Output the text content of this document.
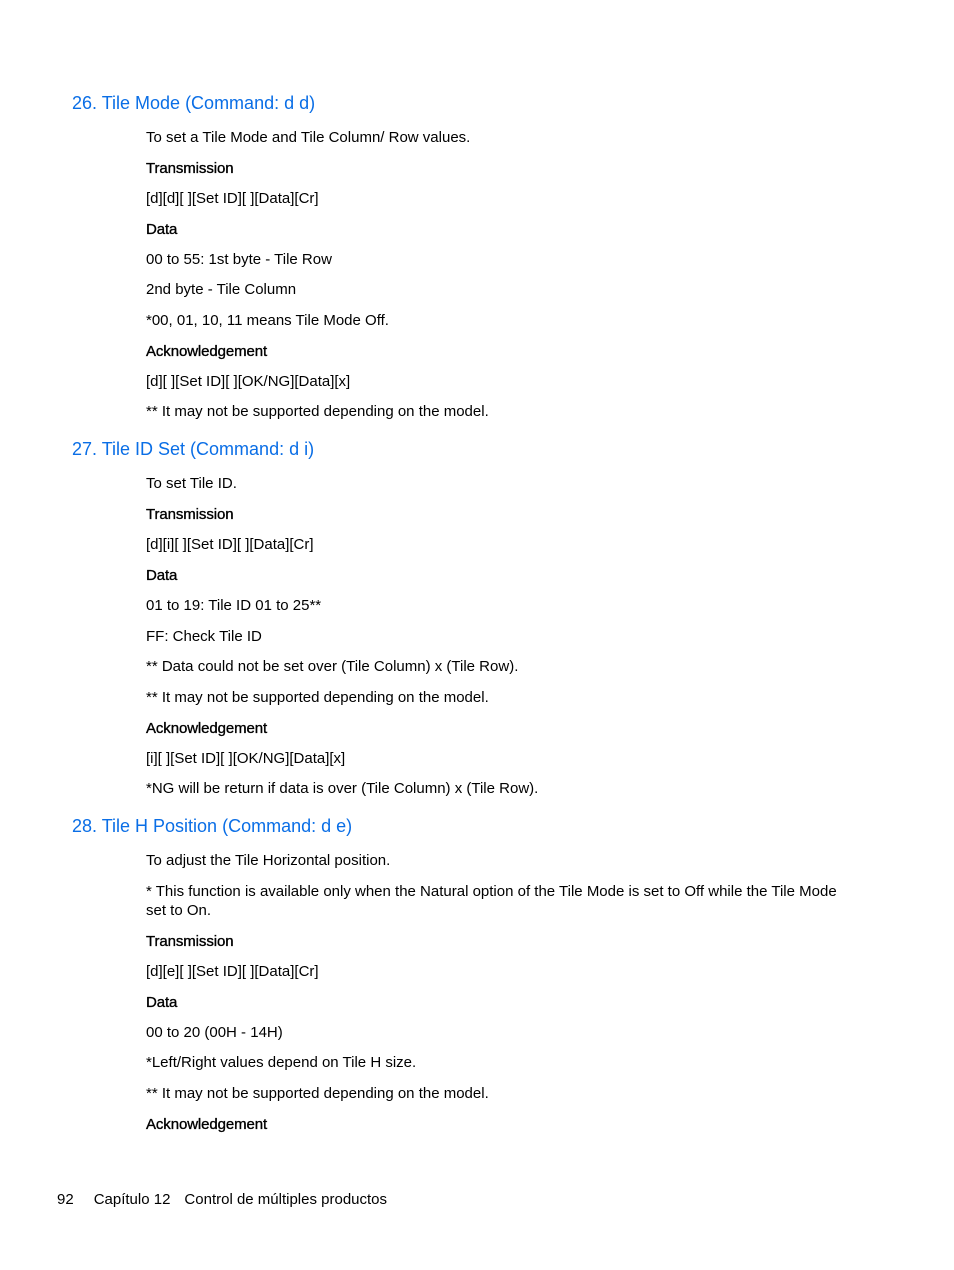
26. Tile Mode (Command: d d)

To set a Tile Mode and Tile Column/ Row values.

Transmission

[d][d][ ][Set ID][ ][Data][Cr]

Data

00 to 55: 1st byte - Tile Row

2nd byte - Tile Column

*00, 01, 10, 11 means Tile Mode Off.

Acknowledgement

[d][ ][Set ID][ ][OK/NG][Data][x]

** It may not be supported depending on the model.

27. Tile ID Set (Command: d i)

To set Tile ID.

Transmission

[d][i][ ][Set ID][ ][Data][Cr]

Data

01 to 19: Tile ID 01 to 25**

FF: Check Tile ID

** Data could not be set over (Tile Column) x (Tile Row).

** It may not be supported depending on the model.

Acknowledgement

[i][ ][Set ID][ ][OK/NG][Data][x]

*NG will be return if data is over (Tile Column) x (Tile Row).

28. Tile H Position (Command: d e)

To adjust the Tile Horizontal position.

* This function is available only when the Natural option of the Tile Mode is set to Off while the Tile Mode set to On.

Transmission

[d][e][ ][Set ID][ ][Data][Cr]

Data

00 to 20 (00H - 14H)

*Left/Right values depend on Tile H size.

** It may not be supported depending on the model.

Acknowledgement

92 Capítulo 12 Control de múltiples productos
